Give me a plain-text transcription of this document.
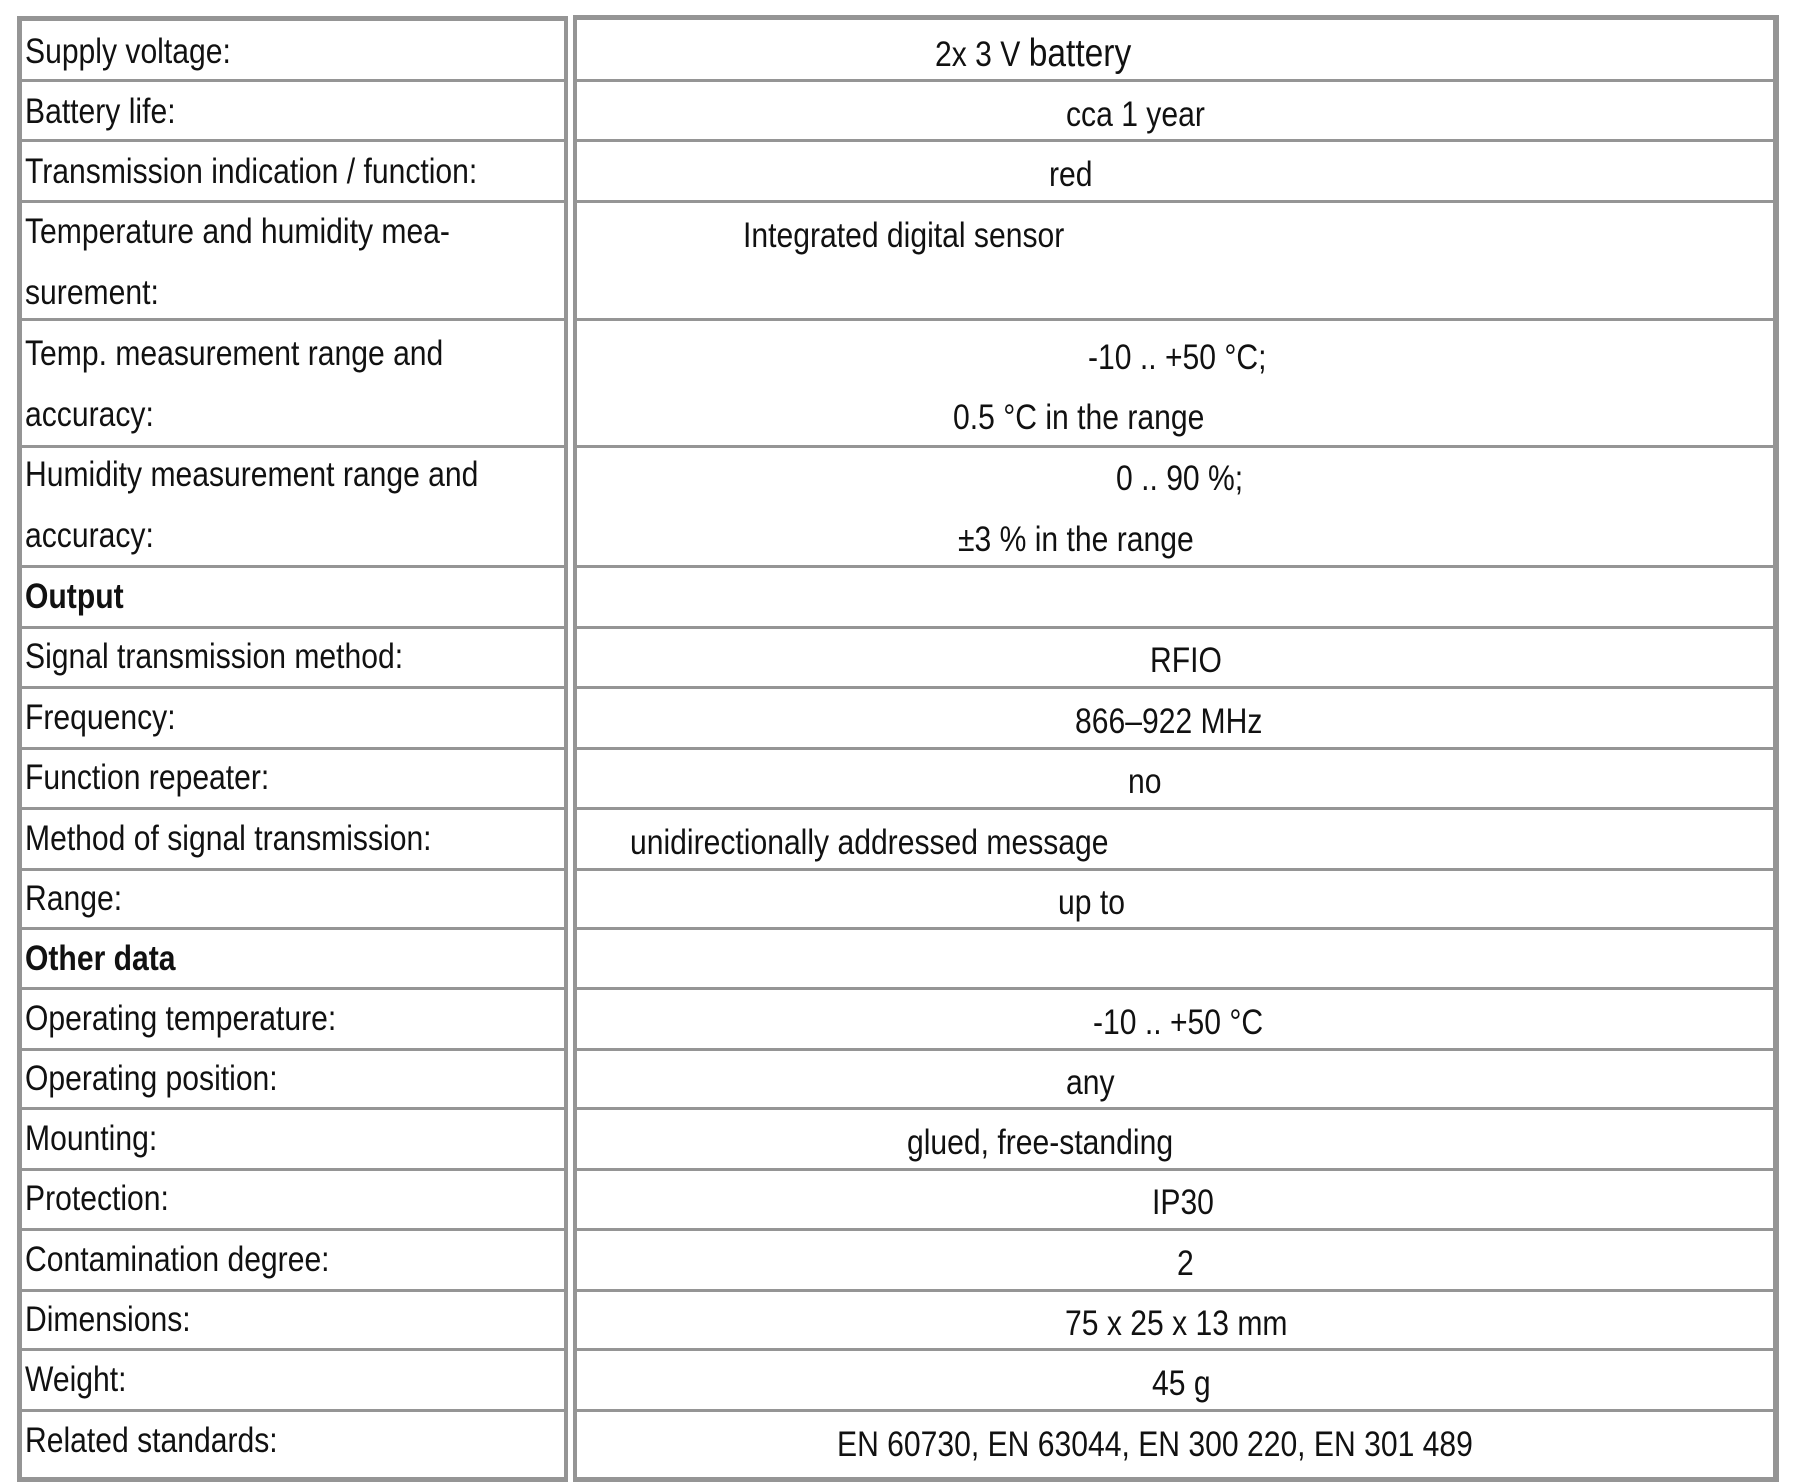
Supply voltage:
Battery life:
Transmission indication / function:
Temperature and humidity mea-
surement:
Temp. measurement range and
accuracy:
Humidity measurement range and
accuracy:
Output
Signal transmission method:
Frequency:
Function repeater:
Method of signal transmission:
Range:
Other data
Operating temperature:
Operating position:
Mounting:
Protection:
Contamination degree:
Dimensions:
Weight:
Related standards:
2x 3 V battery
cca 1 year
red
Integrated digital sensor
-10 .. +50 °C;
0.5 °C in the range
0 .. 90 %;
±3 % in the range
RFIO
866–922 MHz
no
unidirectionally addressed message
up to
-10 .. +50 °C
any
glued, free-standing
IP30
2
75 x 25 x 13 mm
45 g
EN 60730, EN 63044, EN 300 220, EN 301 489
